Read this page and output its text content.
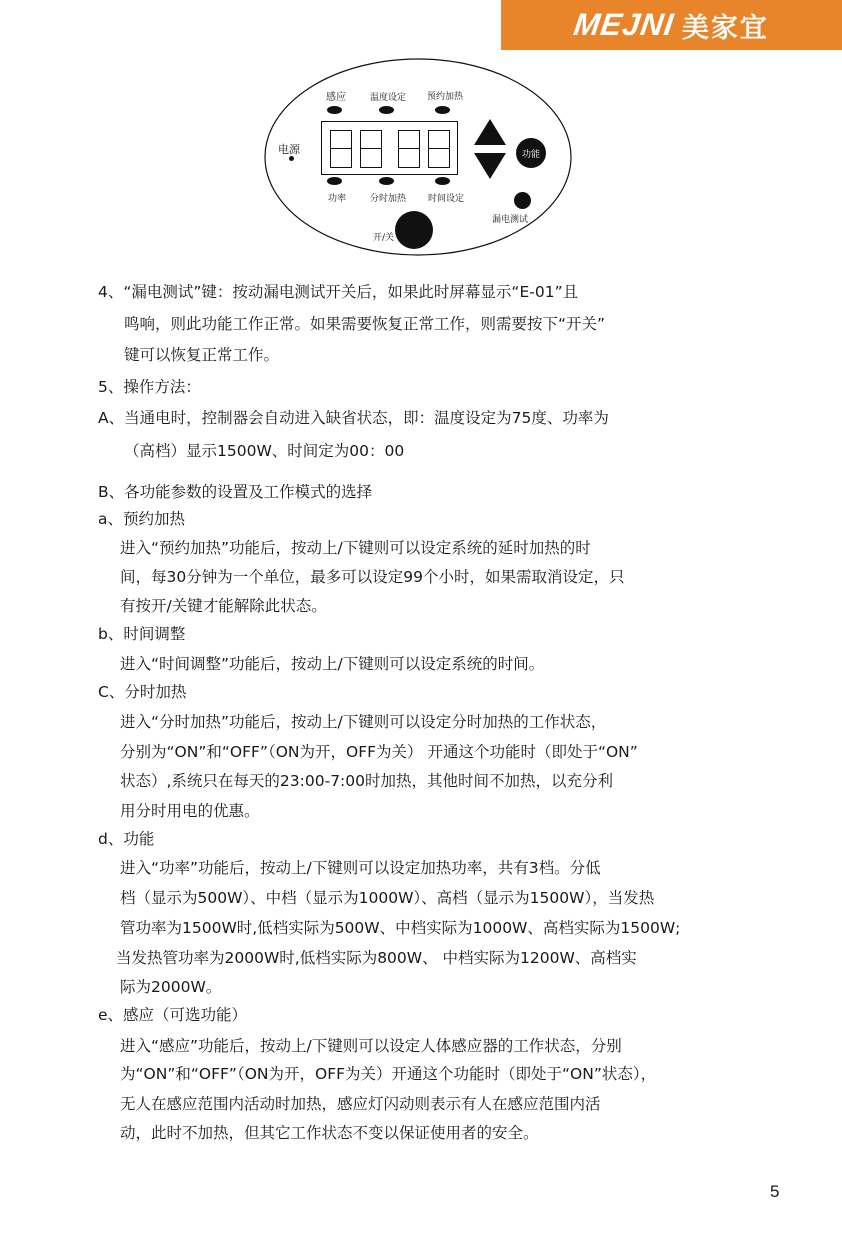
MEJNI 美家宜
感应	温度设定 预约加热
电源	功能
功率	分时加热 时间设定
漏电测试
开/关
4、“漏电测试”键：按动漏电测试开关后，如果此时屏幕显示“E-01”且
鸣响，则此功能工作正常。如果需要恢复正常工作，则需要按下“开关”
键可以恢复正常工作。
5、操作方法：
A、当通电时，控制器会自动进入缺省状态，即：温度设定为75度、功率为
（高档）显示1500W、时间定为00：00
B、各功能参数的设置及工作模式的选择
a、预约加热
进入“预约加热”功能后，按动上/下键则可以设定系统的延时加热的时
间，每30分钟为一个单位，最多可以设定99个小时，如果需取消设定，只
有按开/关键才能解除此状态。
b、时间调整
进入“时间调整”功能后，按动上/下键则可以设定系统的时间。
C、分时加热
进入“分时加热”功能后，按动上/下键则可以设定分时加热的工作状态，
分别为“ON”和“OFF”（ON为开，OFF为关） 开通这个功能时（即处于“ON”
状态）,系统只在每天的23:00-7:00时加热，其他时间不加热，以充分利
用分时用电的优惠。
d、功能
进入“功率”功能后，按动上/下键则可以设定加热功率，共有3档。分低
档（显示为500W）、中档（显示为1000W）、高档（显示为1500W），当发热
管功率为1500W时,低档实际为500W、中档实际为1000W、高档实际为1500W;
当发热管功率为2000W时,低档实际为800W、 中档实际为1200W、高档实
际为2000W。
e、感应（可选功能）
进入“感应”功能后，按动上/下键则可以设定人体感应器的工作状态，分别
为“ON”和“OFF”（ON为开，OFF为关）开通这个功能时（即处于“ON”状态），
无人在感应范围内活动时加热，感应灯闪动则表示有人在感应范围内活
动，此时不加热，但其它工作状态不变以保证使用者的安全。
5
